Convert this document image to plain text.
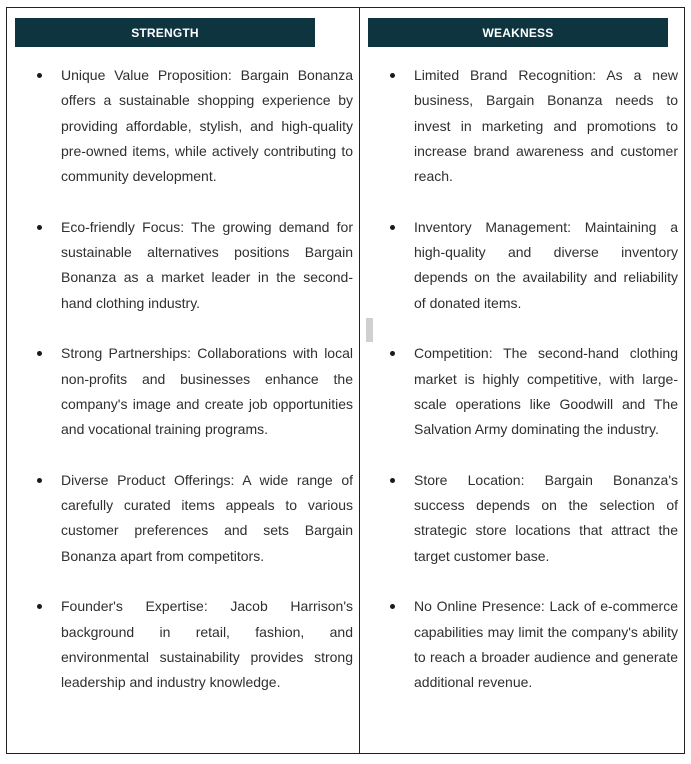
STRENGTH
Unique Value Proposition: Bargain Bonanza offers a sustainable shopping experience by providing affordable, stylish, and high-quality pre-owned items, while actively contributing to community development.
Eco-friendly Focus: The growing demand for sustainable alternatives positions Bargain Bonanza as a market leader in the second-hand clothing industry.
Strong Partnerships: Collaborations with local non-profits and businesses enhance the company's image and create job opportunities and vocational training programs.
Diverse Product Offerings: A wide range of carefully curated items appeals to various customer preferences and sets Bargain Bonanza apart from competitors.
Founder's Expertise: Jacob Harrison's background in retail, fashion, and environmental sustainability provides strong leadership and industry knowledge.
WEAKNESS
Limited Brand Recognition: As a new business, Bargain Bonanza needs to invest in marketing and promotions to increase brand awareness and customer reach.
Inventory Management: Maintaining a high-quality and diverse inventory depends on the availability and reliability of donated items.
Competition: The second-hand clothing market is highly competitive, with large-scale operations like Goodwill and The Salvation Army dominating the industry.
Store Location: Bargain Bonanza's success depends on the selection of strategic store locations that attract the target customer base.
No Online Presence: Lack of e-commerce capabilities may limit the company's ability to reach a broader audience and generate additional revenue.
